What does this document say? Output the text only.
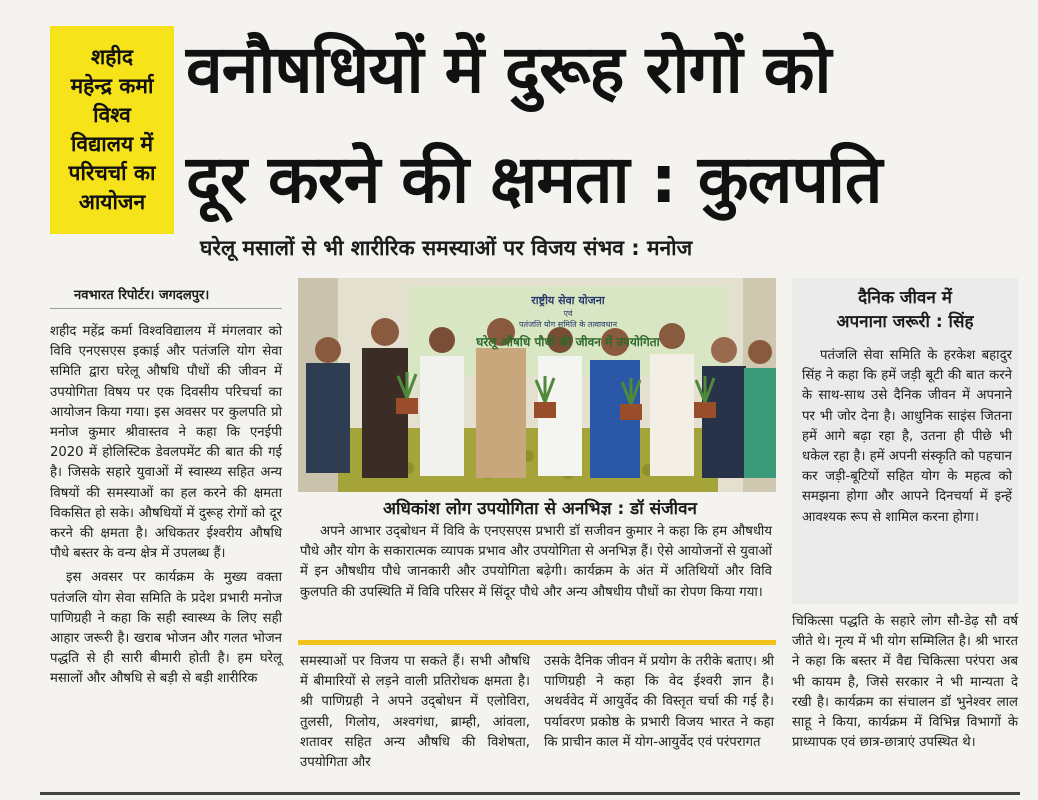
शहीद
महेन्द्र कर्मा
विश्व
विद्यालय में
परिचर्चा का
आयोजन
वनौषधियों में दुरूह रोगों को
दूर करने की क्षमता : कुलपति
घरेलू मसालों से भी शारीरिक समस्याओं पर विजय संभव : मनोज
नवभारत रिपोर्टर। जगदलपुर।
शहीद महेंद्र कर्मा विश्वविद्यालय में मंगलवार को विवि एनएसएस इकाई और पतंजलि योग सेवा समिति द्वारा घरेलू औषधि पौधों की जीवन में उपयोगिता विषय पर एक दिवसीय परिचर्चा का आयोजन किया गया। इस अवसर पर कुलपति प्रो मनोज कुमार श्रीवास्तव ने कहा कि एनईपी 2020 में होलिस्टिक डेवलपमेंट की बात की गई है। जिसके सहारे युवाओं में स्वास्थ्य सहित अन्य विषयों की समस्याओं का हल करने की क्षमता विकसित हो सके। औषधियों में दुरूह रोगों को दूर करने की क्षमता है। अधिकतर ईश्वरीय औषधि पौधे बस्तर के वन्य क्षेत्र में उपलब्ध हैं।
इस अवसर पर कार्यक्रम के मुख्य वक्ता पतंजलि योग सेवा समिति के प्रदेश प्रभारी मनोज पाणिग्रही ने कहा कि सही स्वास्थ्य के लिए सही आहार जरूरी है। खराब भोजन और गलत भोजन पद्धति से ही सारी बीमारी होती है। हम घरेलू मसालों और औषधि से बड़ी से बड़ी शारीरिक
राष्ट्रीय सेवा योजना
एवं
पतंजलि योग समिति के तत्वावधान
घरेलू औषधि पौधों की जीवन में उपयोगिता
अधिकांश लोग उपयोगिता से अनभिज्ञ : डॉ संजीवन
अपने आभार उद्‌बोधन में विवि के एनएसएस प्रभारी डॉ सजीवन कुमार ने कहा कि हम औषधीय पौधे और योग के सकारात्मक व्यापक प्रभाव और उपयोगिता से अनभिज्ञ हैं। ऐसे आयोजनों से युवाओं में इन औषधीय पौधे जानकारी और उपयोगिता बढ़ेगी। कार्यक्रम के अंत में अतिथियों और विवि कुलपति की उपस्थिति में विवि परिसर में सिंदूर पौधे और अन्य औषधीय पौधों का रोपण किया गया।
समस्याओं पर विजय पा सकते हैं। सभी औषधि में बीमारियों से लड़ने वाली प्रतिरोधक क्षमता है। श्री पाणिग्रही ने अपने उद्‌बोधन में एलोविरा, तुलसी, गिलोय, अश्वगंधा, ब्राम्ही, आंवला, शतावर सहित अन्य औषधि की विशेषता, उपयोगिता और
उसके दैनिक जीवन में प्रयोग के तरीके बताए। श्री पाणिग्रही ने कहा कि वेद ईश्वरी ज्ञान है। अथर्ववेद में आयुर्वेद की विस्तृत चर्चा की गई है। पर्यावरण प्रकोष्ठ के प्रभारी विजय भारत ने कहा कि प्राचीन काल में योग-आयुर्वेद एवं परंपरागत
दैनिक जीवन में
अपनाना जरूरी : सिंह
पतंजलि सेवा समिति के हरकेश बहादुर सिंह ने कहा कि हमें जड़ी बूटी की बात करने के साथ-साथ उसे दैनिक जीवन में अपनाने पर भी जोर देना है। आधुनिक साइंस जितना हमें आगे बढ़ा रहा है, उतना ही पीछे भी धकेल रहा है। हमें अपनी संस्कृति को पहचान कर जड़ी-बूटियों सहित योग के महत्व को समझना होगा और आपने दिनचर्या में इन्हें आवश्यक रूप से शामिल करना होगा।
चिकित्सा पद्धति के सहारे लोग सौ-डेढ़ सौ वर्ष जीते थे। नृत्य में भी योग सम्मिलित है। श्री भारत ने कहा कि बस्तर में वैद्य चिकित्सा परंपरा अब भी कायम है, जिसे सरकार ने भी मान्यता दे रखी है। कार्यक्रम का संचालन डॉ भुनेश्वर लाल साहू ने किया, कार्यक्रम में विभिन्न विभागों के प्राध्यापक एवं छात्र-छात्राएं उपस्थित थे।
